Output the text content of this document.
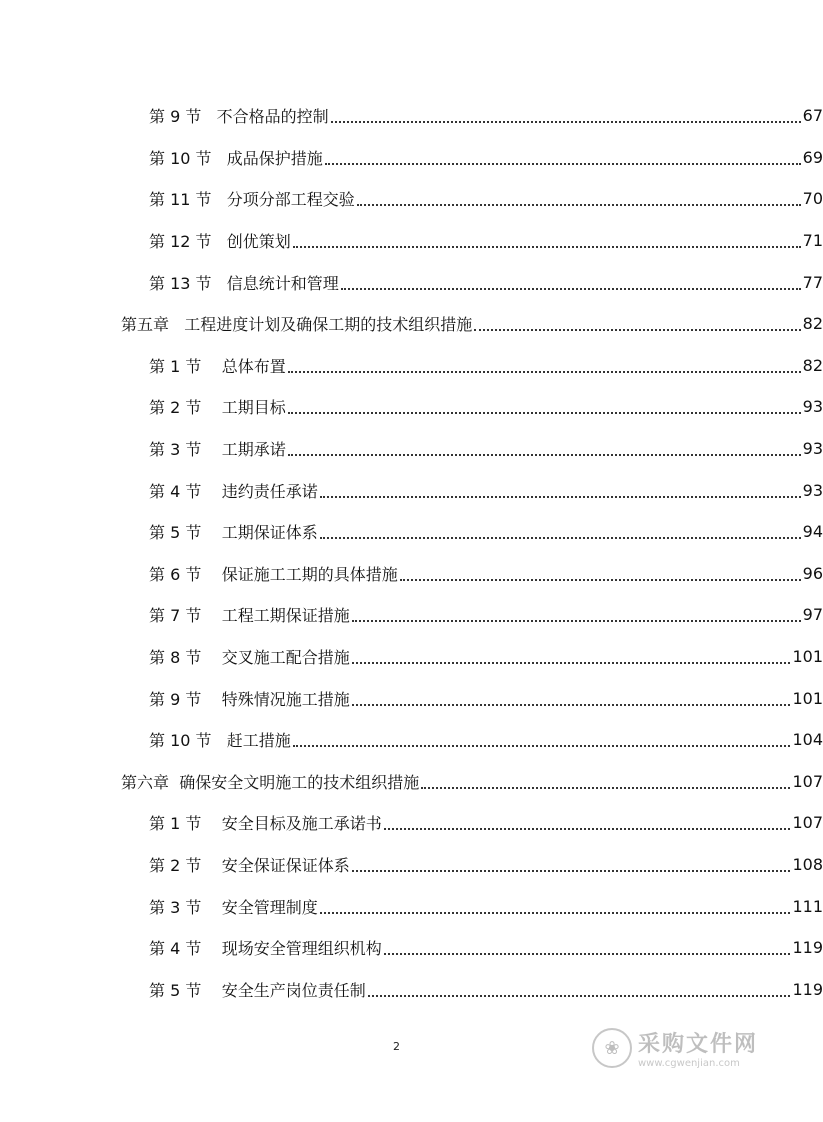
第 9 节 不合格品的控制	67
第 10 节 成品保护措施	69
第 11 节 分项分部工程交验	70
第 12 节 创优策划	71
第 13 节 信息统计和管理	77
第五章 工程进度计划及确保工期的技术组织措施	82
第 1 节 总体布置	82
第 2 节 工期目标	93
第 3 节 工期承诺	93
第 4 节 违约责任承诺	93
第 5 节 工期保证体系	94
第 6 节 保证施工工期的具体措施	96
第 7 节 工程工期保证措施	97
第 8 节 交叉施工配合措施	101
第 9 节 特殊情况施工措施	101
第 10 节 赶工措施	104
第六章 确保安全文明施工的技术组织措施	107
第 1 节 安全目标及施工承诺书	107
第 2 节 安全保证保证体系	108
第 3 节 安全管理制度	111
第 4 节 现场安全管理组织机构	119
第 5 节 安全生产岗位责任制	119
2	❀ 采购文件网
www.cgwenjian.com
